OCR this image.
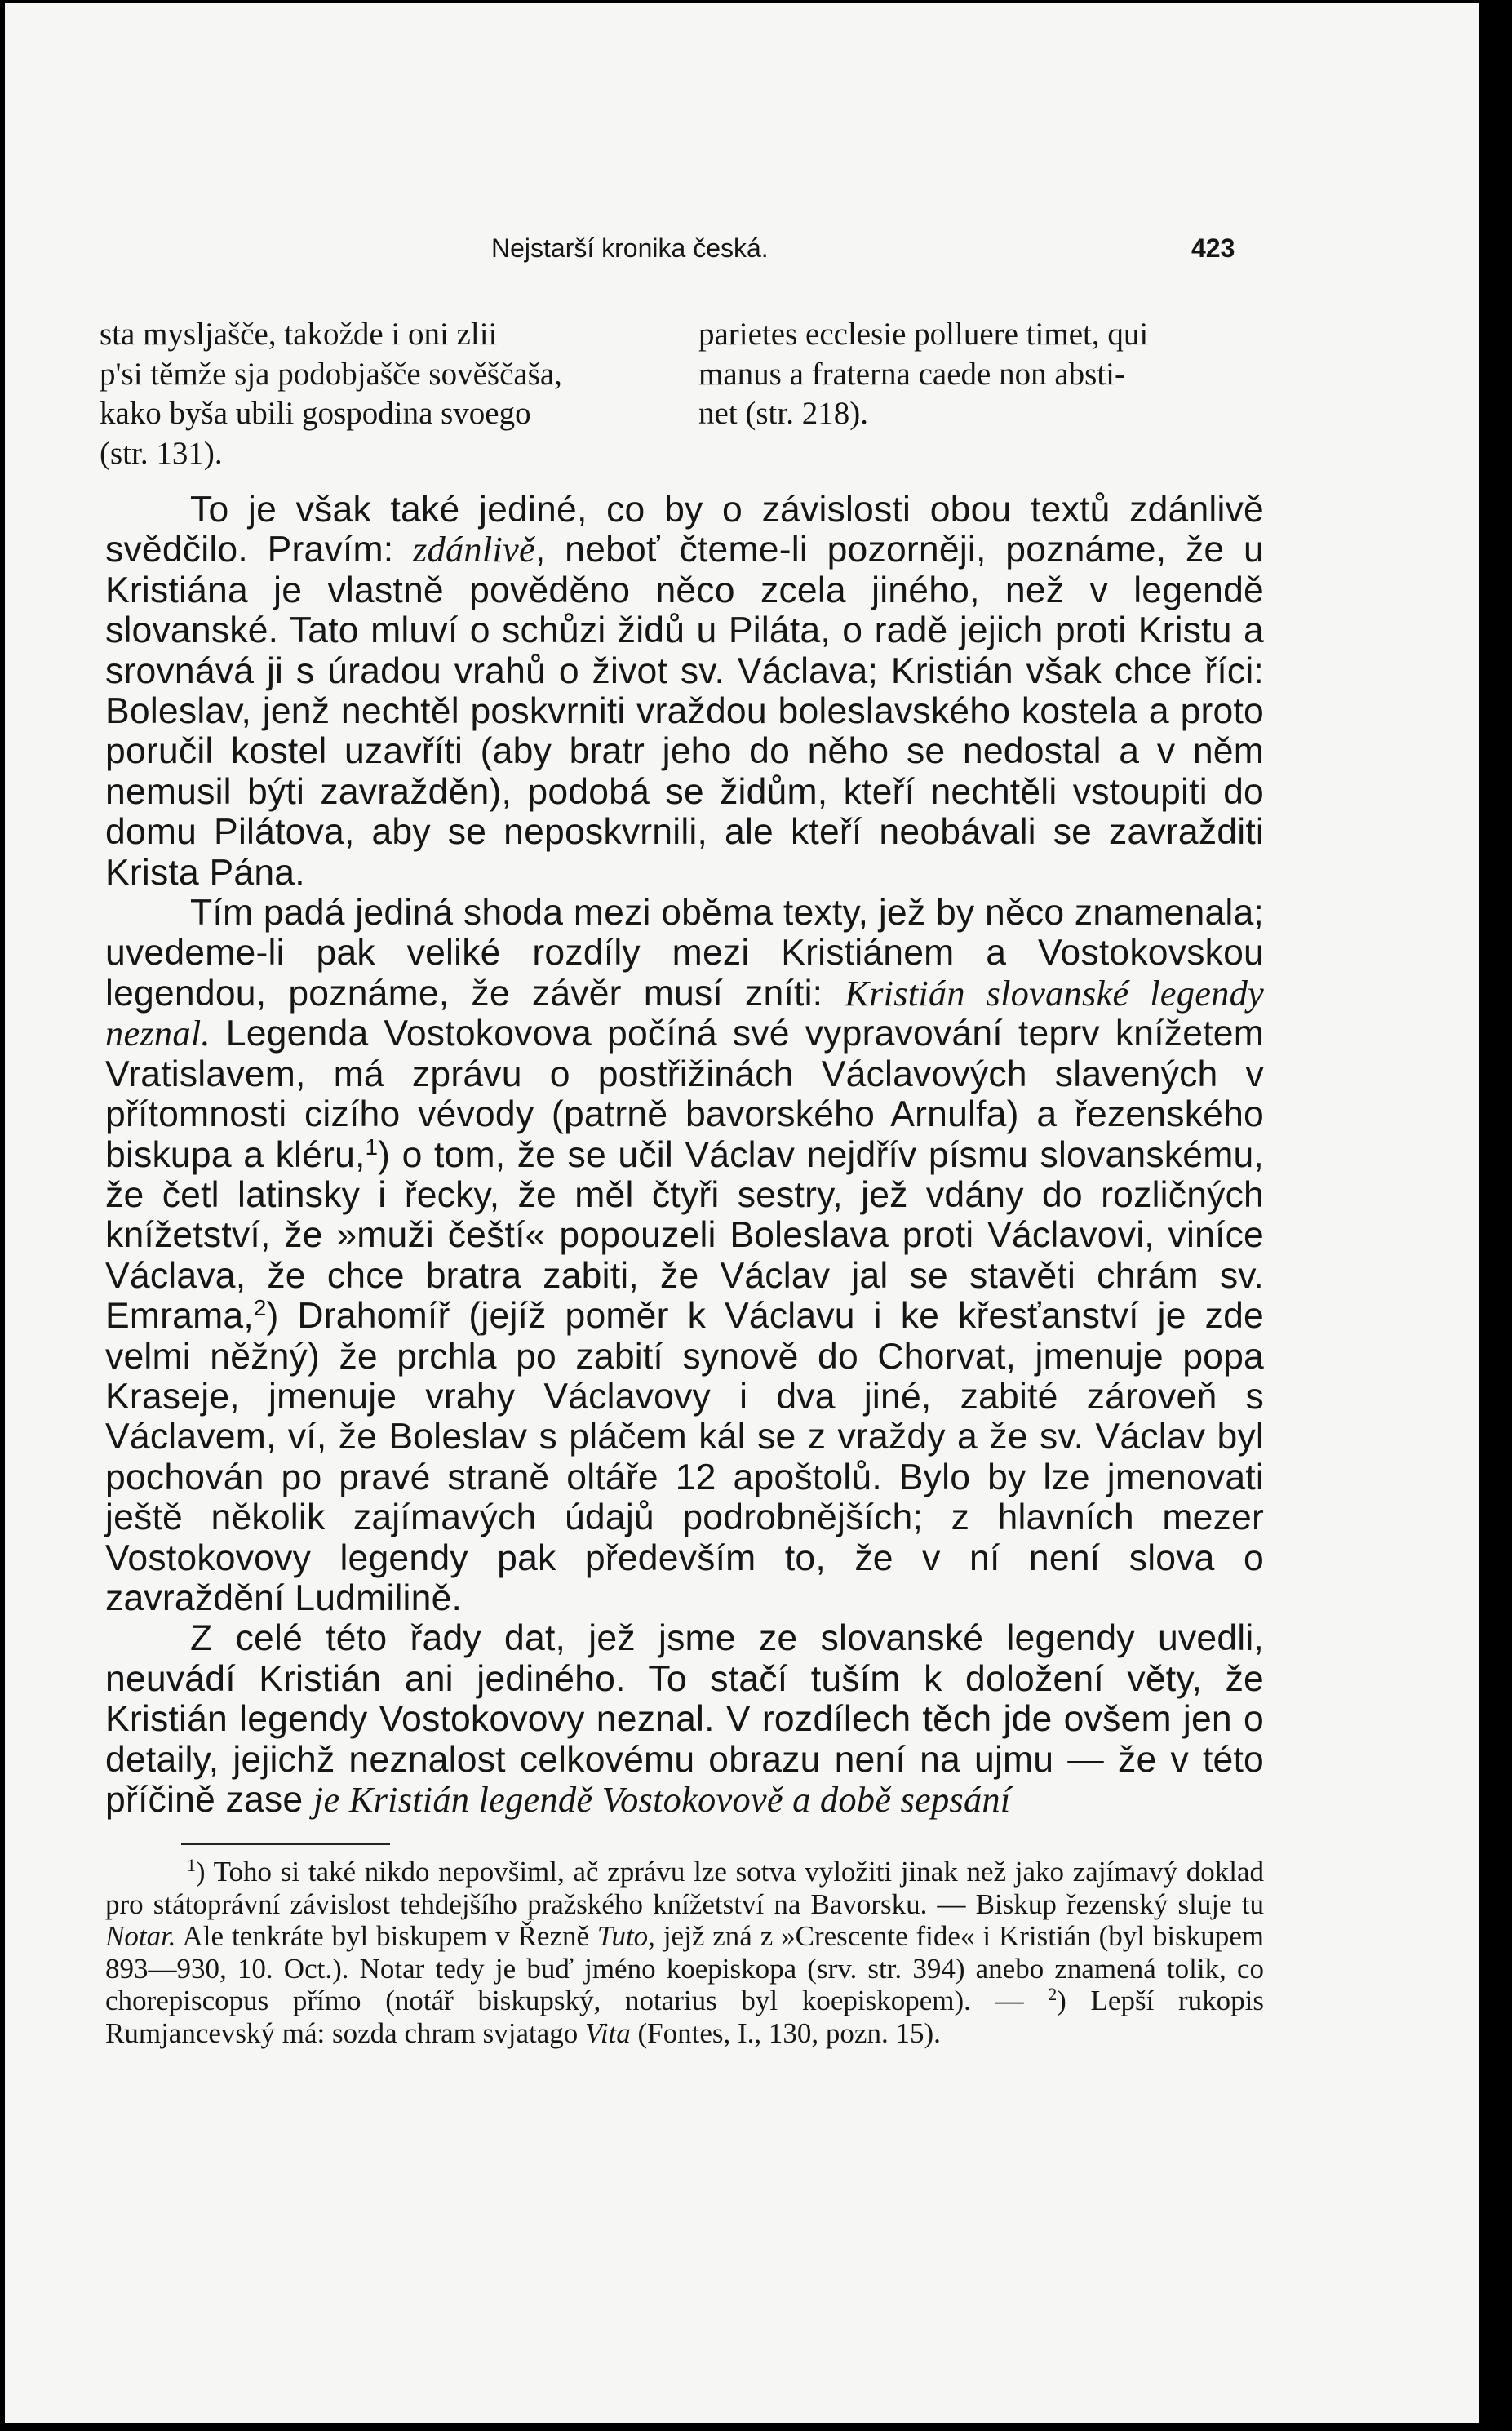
Nejstarší kronika česká.	423
sta mysljašče, takožde i oni zlii
p'si těmže sja podobjašče sověščaša,
kako byša ubili gospodina svoego
(str. 131).
parietes ecclesie polluere timet, qui
manus a fraterna caede non absti-
net (str. 218).

To je však také jediné, co by o závislosti obou textů zdánlivě svědčilo. Pravím: zdánlivě, neboť čteme-li pozorněji, poznáme, že u Kristiána je vlastně pověděno něco zcela jiného, než v legendě slovanské. Tato mluví o schůzi židů u Piláta, o radě jejich proti Kristu a srovnává ji s úradou vrahů o život sv. Václava; Kristián však chce říci: Boleslav, jenž nechtěl poskvrniti vraždou boleslavského kostela a proto poručil kostel uzavříti (aby bratr jeho do něho se nedostal a v něm nemusil býti zavražděn), podobá se židům, kteří nechtěli vstoupiti do domu Pilátova, aby se neposkvrnili, ale kteří neobávali se zavražditi Krista Pána.

Tím padá jediná shoda mezi oběma texty, jež by něco znamenala; uvedeme-li pak veliké rozdíly mezi Kristiánem a Vostokovskou legendou, poznáme, že závěr musí zníti: Kristián slovanské legendy neznal. Legenda Vostokovova počíná své vypravování teprv knížetem Vratislavem, má zprávu o postřižinách Václavových slavených v přítomnosti cizího vévody (patrně bavorského Arnulfa) a řezenského biskupa a kléru,$^1$) o tom, že se učil Václav nejdřív písmu slovanskému, že četl latinsky i řecky, že měl čtyři sestry, jež vdány do rozličných knížetství, že »muži čeští« popouzeli Boleslava proti Václavovi, viníce Václava, že chce bratra zabiti, že Václav jal se stavěti chrám sv. Emrama,$^2$) Drahomíř (jejíž poměr k Václavu i ke křesťanství je zde velmi něžný) že prchla po zabití synově do Chorvat, jmenuje popa Kraseje, jmenuje vrahy Václavovy i dva jiné, zabité zároveň s Václavem, ví, že Boleslav s pláčem kál se z vraždy a že sv. Václav byl pochován po pravé straně oltáře 12 apoštolů. Bylo by lze jmenovati ještě několik zajímavých údajů podrobnějších; z hlavních mezer Vostokovovy legendy pak především to, že v ní není slova o zavraždění Ludmilině.

Z celé této řady dat, jež jsme ze slovanské legendy uvedli, neuvádí Kristián ani jediného. To stačí tuším k doložení věty, že Kristián legendy Vostokovovy neznal. V rozdílech těch jde ovšem jen o detaily, jejichž neznalost celkovému obrazu není na ujmu — že v této příčině zase je Kristián legendě Vostokovově a době sepsání

$^1$) Toho si také nikdo nepovšiml, ač zprávu lze sotva vyložiti jinak než jako zajímavý doklad pro státoprávní závislost tehdejšího pražského knížetství na Bavorsku. — Biskup řezenský sluje tu Notar. Ale tenkráte byl biskupem v Řezně Tuto, jejž zná z »Crescente fide« i Kristián (byl biskupem 893—930, 10. Oct.). Notar tedy je buď jméno koepiskopa (srv. str. 394) anebo znamená tolik, co chorepiscopus přímo (notář biskupský, notarius byl koepiskopem). — $^2$) Lepší rukopis Rumjancevský má: sozda chram svjatago Vita (Fontes, I., 130, pozn. 15).
